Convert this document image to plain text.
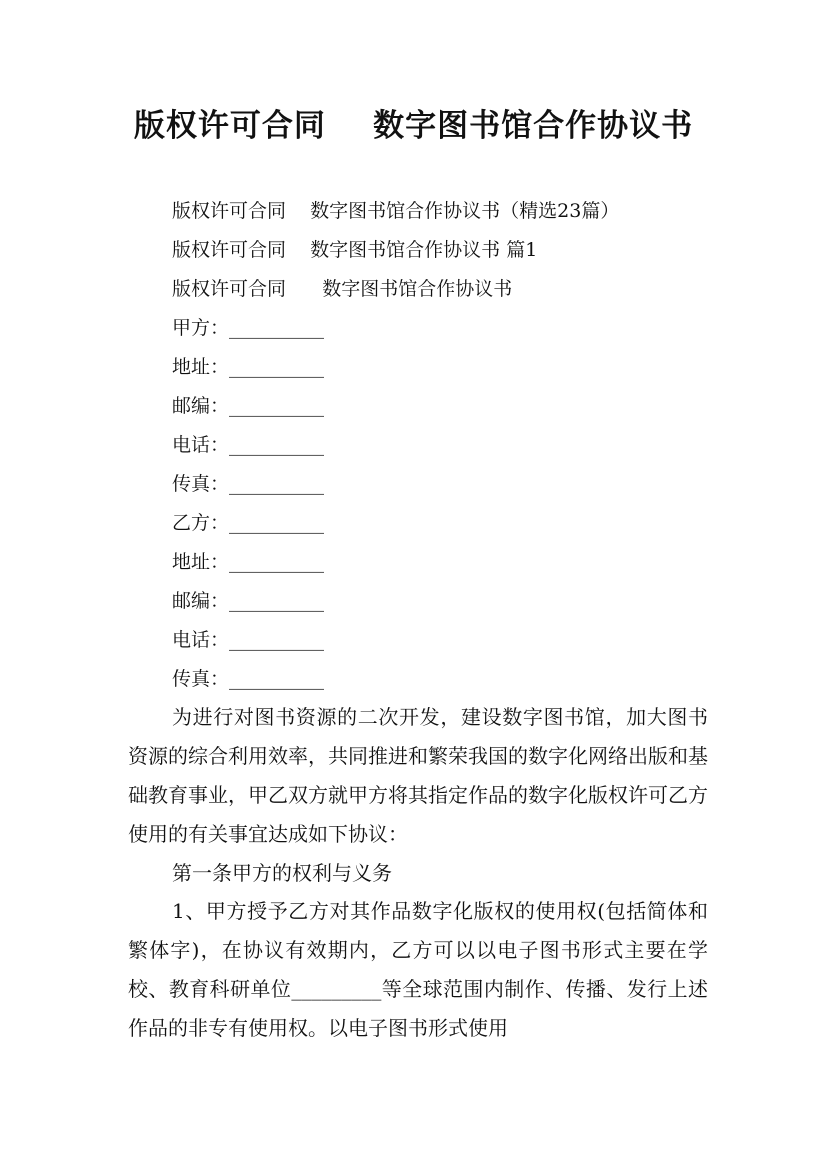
版权许可合同    数字图书馆合作协议书
版权许可合同    数字图书馆合作协议书（精选23篇）
版权许可合同    数字图书馆合作协议书 篇1
版权许可合同      数字图书馆合作协议书
甲方：__________
地址：__________
邮编：__________
电话：__________
传真：__________
乙方：__________
地址：__________
邮编：__________
电话：__________
传真：__________

为进行对图书资源的二次开发，建设数字图书馆，加大图书资源的综合利用效率，共同推进和繁荣我国的数字化网络出版和基础教育事业，甲乙双方就甲方将其指定作品的数字化版权许可乙方使用的有关事宜达成如下协议：

第一条甲方的权利与义务

1、甲方授予乙方对其作品数字化版权的使用权(包括简体和繁体字)，在协议有效期内，乙方可以以电子图书形式主要在学校、教育科研单位_________等全球范围内制作、传播、发行上述作品的非专有使用权。以电子图书形式使用
